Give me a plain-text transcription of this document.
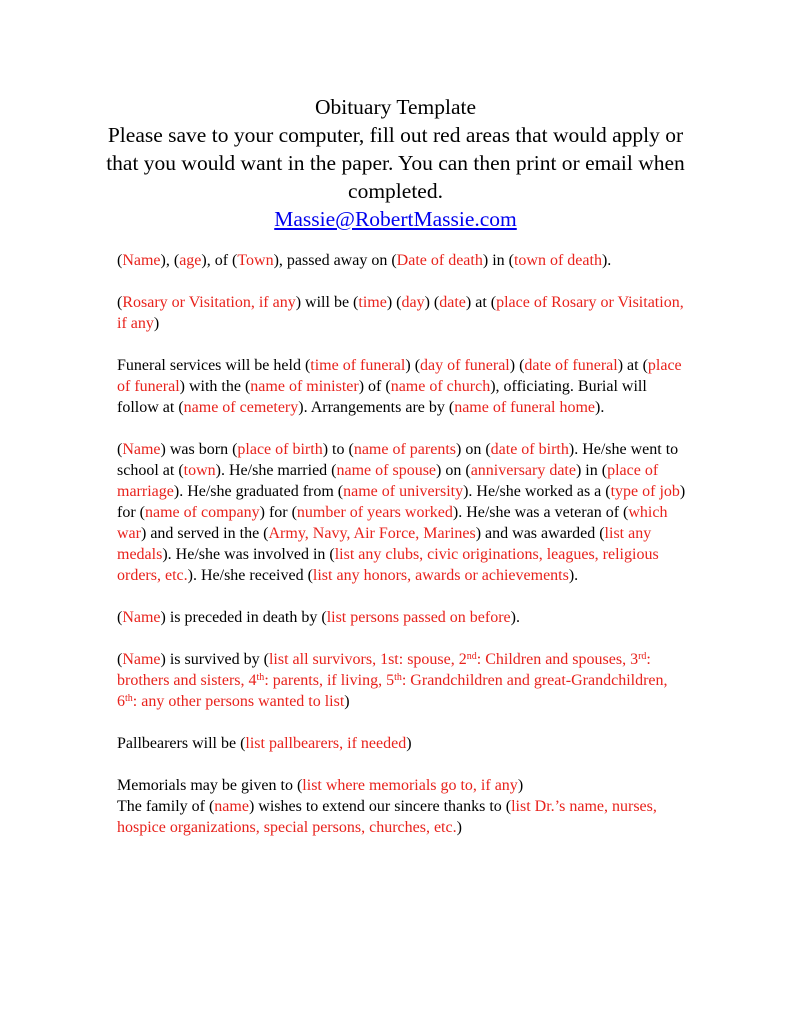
Obituary Template
Please save to your computer, fill out red areas that would apply or that you would want in the paper. You can then print or email when completed.
Massie@RobertMassie.com

(Name), (age), of (Town), passed away on (Date of death) in (town of death).

(Rosary or Visitation, if any) will be (time) (day) (date) at (place of Rosary or Visitation, if any)

Funeral services will be held (time of funeral) (day of funeral) (date of funeral) at (place of funeral) with the (name of minister) of (name of church), officiating. Burial will follow at (name of cemetery). Arrangements are by (name of funeral home).

(Name) was born (place of birth) to (name of parents) on (date of birth). He/she went to school at (town). He/she married (name of spouse) on (anniversary date) in (place of marriage). He/she graduated from (name of university). He/she worked as a (type of job) for (name of company) for (number of years worked). He/she was a veteran of (which war) and served in the (Army, Navy, Air Force, Marines) and was awarded (list any medals). He/she was involved in (list any clubs, civic originations, leagues, religious orders, etc.). He/she received (list any honors, awards or achievements).

(Name) is preceded in death by (list persons passed on before).

(Name) is survived by (list all survivors, 1st: spouse, 2nd: Children and spouses, 3rd: brothers and sisters, 4th: parents, if living, 5th: Grandchildren and great-Grandchildren, 6th: any other persons wanted to list)

Pallbearers will be (list pallbearers, if needed)

Memorials may be given to (list where memorials go to, if any)

The family of (name) wishes to extend our sincere thanks to (list Dr.’s name, nurses, hospice organizations, special persons, churches, etc.)
